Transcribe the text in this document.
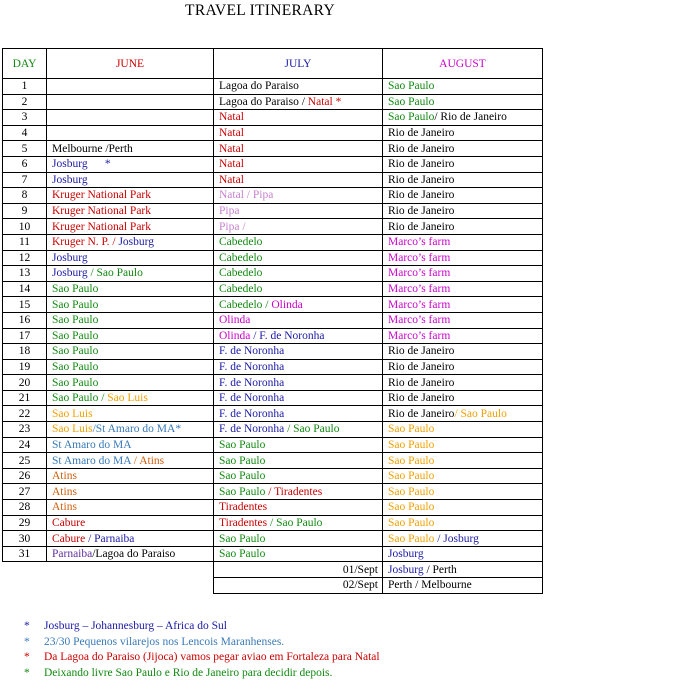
TRAVEL ITINERARY
DAY	JUNE	JULY	AUGUST
1		Lagoa do Paraiso	Sao Paulo
2		Lagoa do Paraiso / Natal *	Sao Paulo
3		Natal	Sao Paulo/ Rio de Janeiro
4		Natal	Rio de Janeiro
5	Melbourne /Perth	Natal	Rio de Janeiro
6	Josburg      *	Natal	Rio de Janeiro
7	Josburg	Natal	Rio de Janeiro
8	Kruger National Park	Natal / Pipa	Rio de Janeiro
9	Kruger National Park	Pipa	Rio de Janeiro
10	Kruger National Park	Pipa /	Rio de Janeiro
11	Kruger N. P. / Josburg	Cabedelo	Marco’s farm
12	Josburg	Cabedelo	Marco’s farm
13	Josburg / Sao Paulo	Cabedelo	Marco’s farm
14	Sao Paulo	Cabedelo	Marco’s farm
15	Sao Paulo	Cabedelo / Olinda	Marco’s farm
16	Sao Paulo	Olinda	Marco’s farm
17	Sao Paulo	Olinda / F. de Noronha	Marco’s farm
18	Sao Paulo	F. de Noronha	Rio de Janeiro
19	Sao Paulo	F. de Noronha	Rio de Janeiro
20	Sao Paulo	F. de Noronha	Rio de Janeiro
21	Sao Paulo / Sao Luis	F. de Noronha	Rio de Janeiro
22	Sao Luis	F. de Noronha	Rio de Janeiro/ Sao Paulo
23	Sao Luis/St Amaro do MA*	F. de Noronha / Sao Paulo	Sao Paulo
24	St Amaro do MA	Sao Paulo	Sao Paulo
25	St Amaro do MA / Atins	Sao Paulo	Sao Paulo
26	Atins	Sao Paulo	Sao Paulo
27	Atins	Sao Paulo / Tiradentes	Sao Paulo
28	Atins	Tiradentes	Sao Paulo
29	Cabure	Tiradentes / Sao Paulo	Sao Paulo
30	Cabure / Parnaiba	Sao Paulo	Sao Paulo / Josburg
31	Parnaiba/Lagoa do Paraiso	Sao Paulo	Josburg
		01/Sept	Josburg / Perth
		02/Sept	Perth / Melbourne
* Josburg – Johannesburg – Africa do Sul
* 23/30 Pequenos vilarejos nos Lencois Maranhenses.
* Da Lagoa do Paraiso (Jijoca) vamos pegar aviao em Fortaleza para Natal
* Deixando livre Sao Paulo e Rio de Janeiro para decidir depois.
